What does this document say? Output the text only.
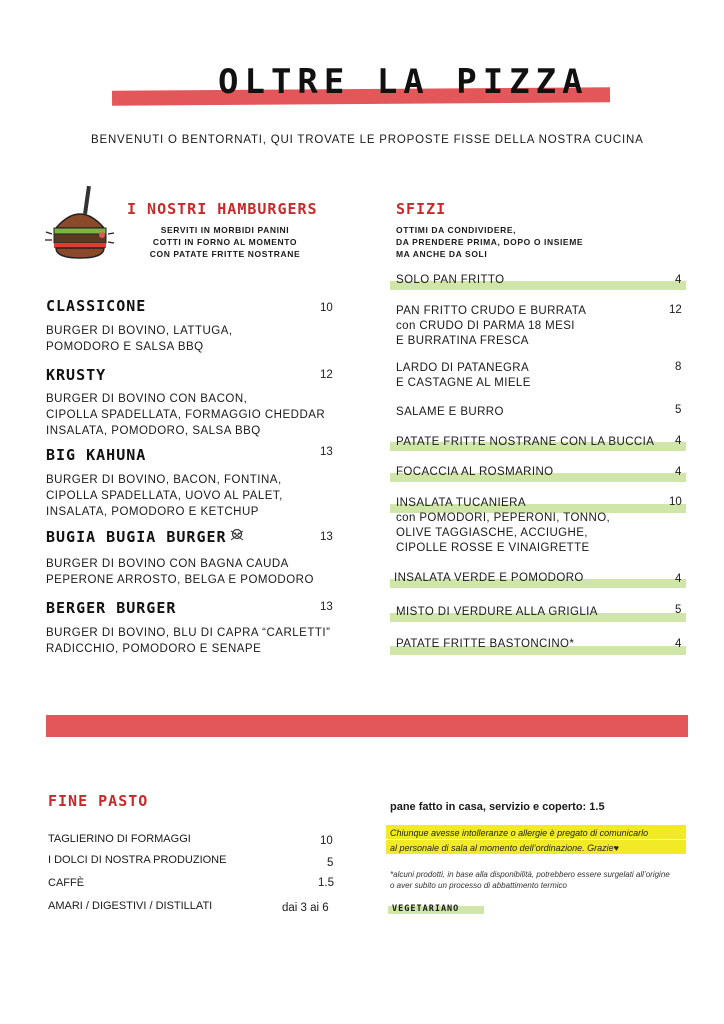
OLTRE LA PIZZA
BENVENUTI O BENTORNATI, QUI TROVATE LE PROPOSTE FISSE DELLA NOSTRA CUCINA
I NOSTRI HAMBURGERS
SERVITI IN MORBIDI PANINI
COTTI IN FORNO AL MOMENTO
CON PATATE FRITTE NOSTRANE
CLASSICONE	10
BURGER DI BOVINO, LATTUGA,
POMODORO E SALSA BBQ
KRUSTY	12
BURGER DI BOVINO CON BACON,
CIPOLLA SPADELLATA, FORMAGGIO CHEDDAR
INSALATA, POMODORO, SALSA BBQ
BIG KAHUNA	13
BURGER DI BOVINO, BACON, FONTINA,
CIPOLLA SPADELLATA, UOVO AL PALET,
INSALATA, POMODORO E KETCHUP
BUGIA BUGIA BURGER	13
BURGER DI BOVINO CON BAGNA CAUDA
PEPERONE ARROSTO, BELGA E POMODORO
BERGER BURGER	13
BURGER DI BOVINO, BLU DI CAPRA “CARLETTI”
RADICCHIO, POMODORO E SENAPE
SFIZI
OTTIMI DA CONDIVIDERE,
DA PRENDERE PRIMA, DOPO O INSIEME
MA ANCHE DA SOLI
SOLO PAN FRITTO	4
PAN FRITTO CRUDO E BURRATA
con CRUDO DI PARMA 18 MESI
E BURRATINA FRESCA
12
LARDO DI PATANEGRA
E CASTAGNE AL MIELE
8
SALAME E BURRO	5
PATATE FRITTE NOSTRANE CON LA BUCCIA 4
FOCACCIA AL ROSMARINO	4
INSALATA TUCANIERA
con POMODORI, PEPERONI, TONNO,
OLIVE TAGGIASCHE, ACCIUGHE,
CIPOLLE ROSSE E VINAIGRETTE
10
INSALATA VERDE E POMODORO	4
MISTO DI VERDURE ALLA GRIGLIA	5
PATATE FRITTE BASTONCINO*	4
FINE PASTO
TAGLIERINO DI FORMAGGI	10
I DOLCI DI NOSTRA PRODUZIONE	5
CAFFÈ	1.5
AMARI / DIGESTIVI / DISTILLATI	dai 3 ai 6
pane fatto in casa, servizio e coperto: 1.5
Chiunque avesse intolleranze o allergie è pregato di comunicarlo
al personale di sala al momento dell’ordinazione. Grazie♥
*alcuni prodotti, in base alla disponibilità, potrebbero essere surgelati all’origine
o aver subito un processo di abbattimento termico
VEGETARIANO
